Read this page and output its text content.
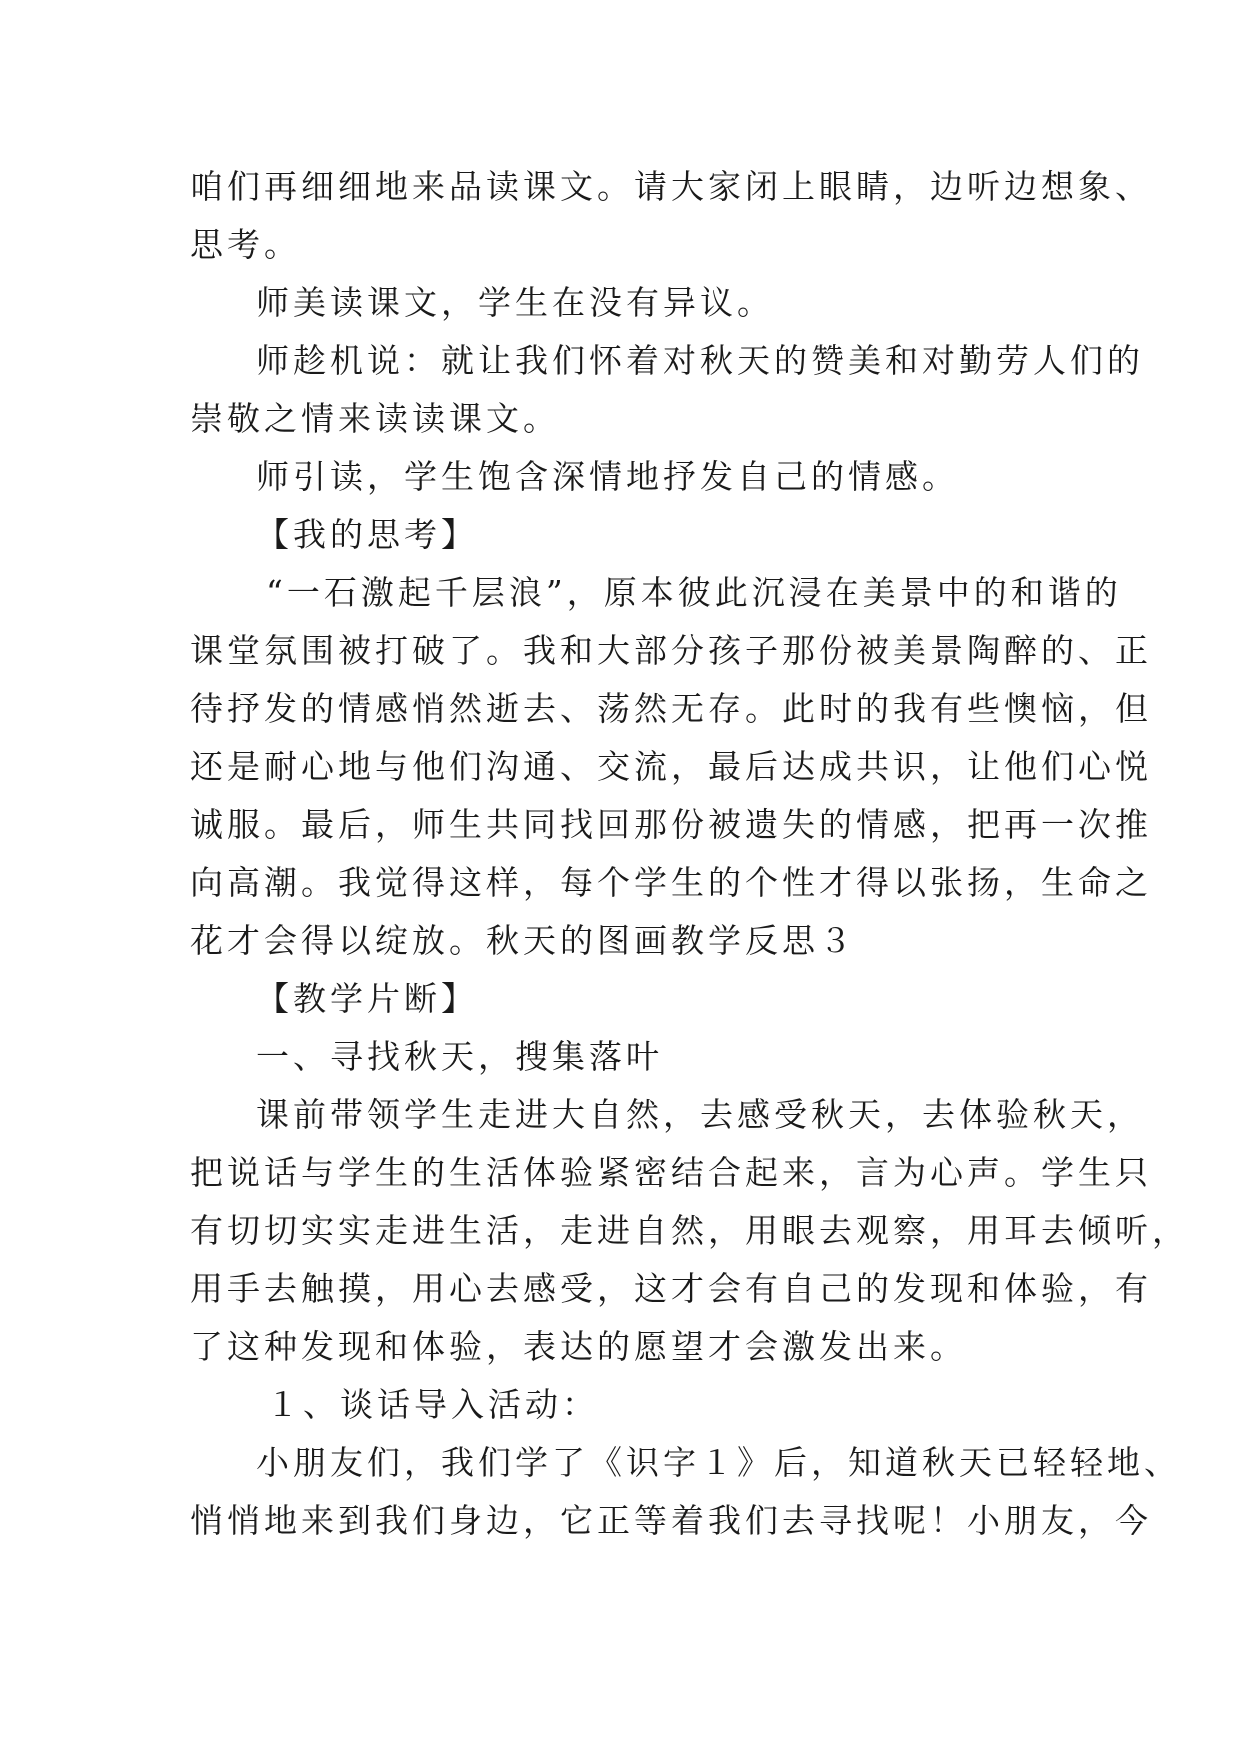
咱们再细细地来品读课文。请大家闭上眼睛，边听边想象、
思考。
师美读课文，学生在没有异议。
师趁机说：就让我们怀着对秋天的赞美和对勤劳人们的
崇敬之情来读读课文。
师引读，学生饱含深情地抒发自己的情感。
【我的思考】
“一石激起千层浪”，原本彼此沉浸在美景中的和谐的
课堂氛围被打破了。我和大部分孩子那份被美景陶醉的、正
待抒发的情感悄然逝去、荡然无存。此时的我有些懊恼，但
还是耐心地与他们沟通、交流，最后达成共识，让他们心悦
诚服。最后，师生共同找回那份被遗失的情感，把再一次推
向高潮。我觉得这样，每个学生的个性才得以张扬，生命之
花才会得以绽放。秋天的图画教学反思３
【教学片断】
一、寻找秋天，搜集落叶
课前带领学生走进大自然，去感受秋天，去体验秋天，
把说话与学生的生活体验紧密结合起来，言为心声。学生只
有切切实实走进生活，走进自然，用眼去观察，用耳去倾听，
用手去触摸，用心去感受，这才会有自己的发现和体验，有
了这种发现和体验，表达的愿望才会激发出来。
１、谈话导入活动：
小朋友们，我们学了《识字１》后，知道秋天已轻轻地、
悄悄地来到我们身边，它正等着我们去寻找呢！小朋友，今
